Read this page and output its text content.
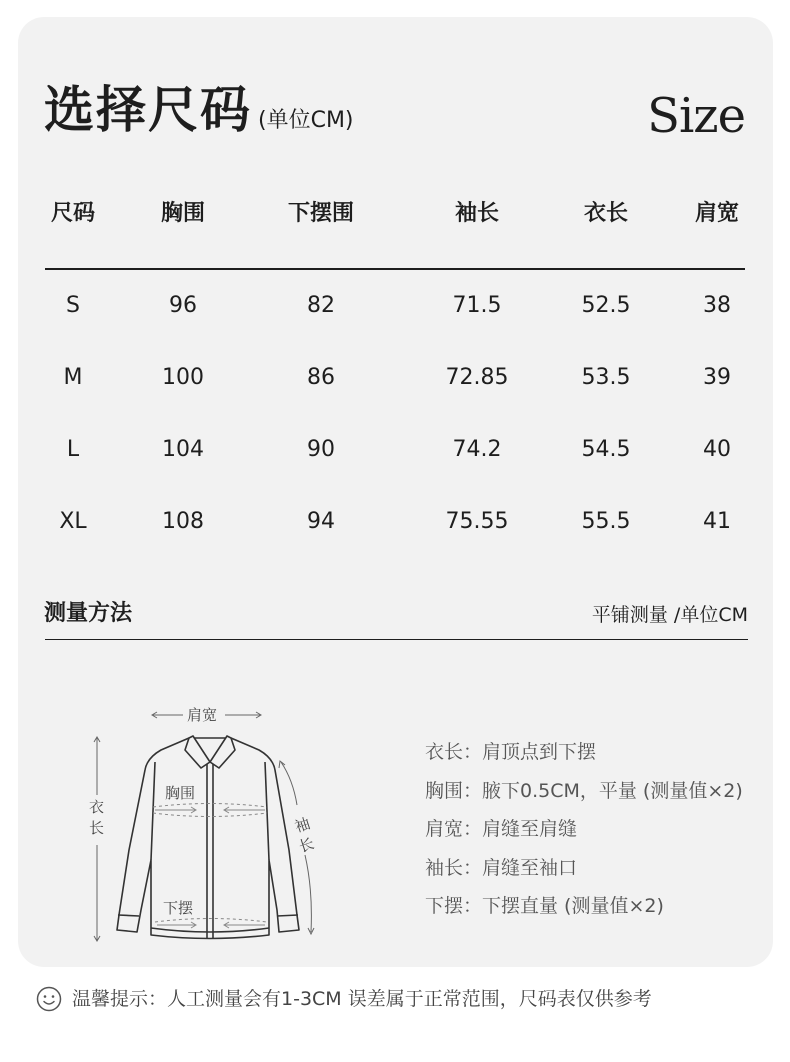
选择尺码 (单位CM)	Size
尺码	胸围	下摆围	袖长	衣长	肩宽
S	96	82	71.5	52.5	38
M	100	86	72.85	53.5	39
L	104	90	74.2	54.5	40
XL	108	94	75.55	55.5	41
测量方法	平铺测量 /单位CM
肩宽
衣
长	袖
长
胸围
下摆
衣长：肩顶点到下摆
胸围：腋下0.5CM，平量 (测量值×2)
肩宽：肩缝至肩缝
袖长：肩缝至袖口
下摆：下摆直量 (测量值×2)
温馨提示：人工测量会有1-3CM 误差属于正常范围，尺码表仅供参考
